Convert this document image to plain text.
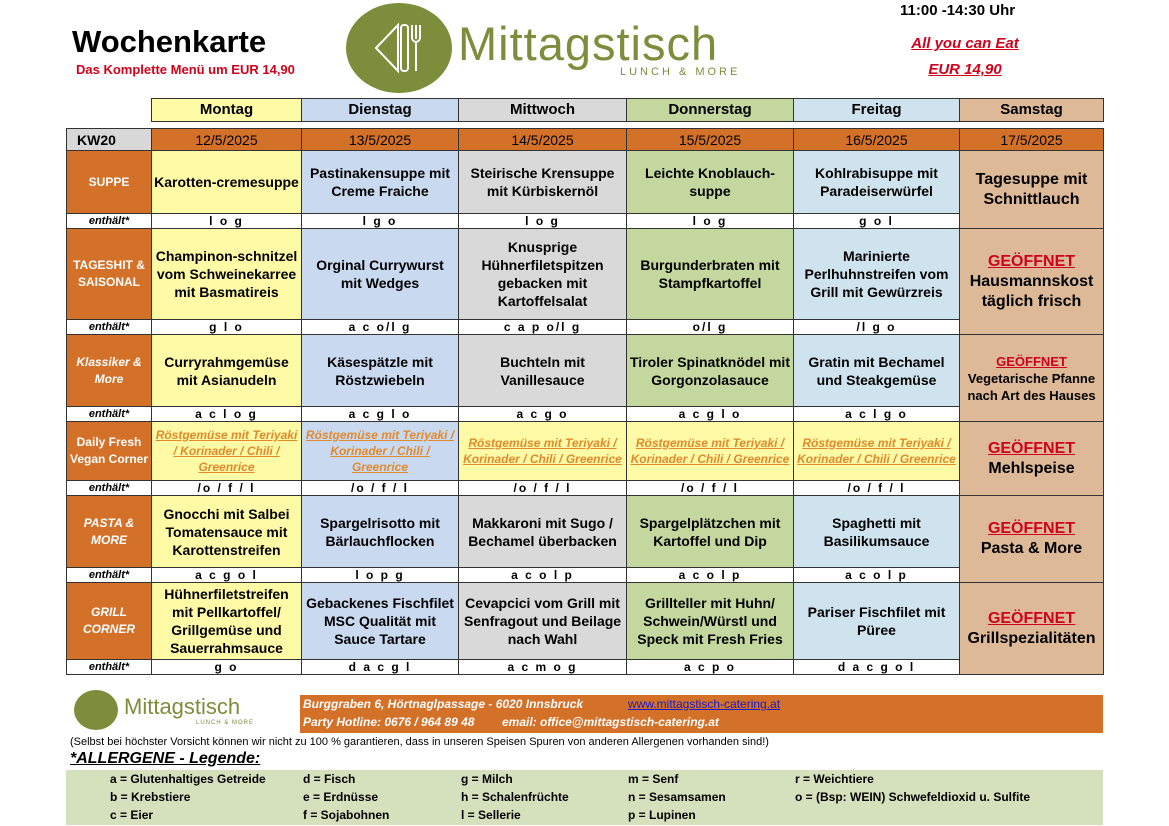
Wochenkarte
Das Komplette Menü um EUR 14,90
11:00 -14:30 Uhr
All you can Eat
EUR 14,90
Mittagstisch
LUNCH & MORE
	Montag	Dienstag	Mittwoch	Donnerstag	Freitag	Samstag

KW20	12/5/2025	13/5/2025	14/5/2025	15/5/2025	16/5/2025	17/5/2025
SUPPE	Karotten-cremesuppe	Pastinakensuppe mit Creme Fraiche	Steirische Krensuppe mit Kürbiskernöl	Leichte Knoblauch-suppe	Kohlrabisuppe mit Paradeiserwürfel	Tagesuppe mit Schnittlauch
enthält*	l o g	l g o	l o g	l o g	g o l	
TAGESHIT & SAISONAL	Champinon-schnitzel vom Schweinekarree mit Basmatireis	Orginal Currywurst mit Wedges	Knusprige Hühnerfiletspitzen gebacken mit Kartoffelsalat	Burgunderbraten mit Stampfkartoffel	Marinierte Perlhuhnstreifen vom Grill mit Gewürzreis	GEÖFFNET
Hausmannskost täglich frisch
enthält*	g l o	a c o/l g	c a p o/l g	o/l g	/l g o	
Klassiker & More	Curryrahmgemüse mit Asianudeln	Käsespätzle mit Röstzwiebeln	Buchteln mit Vanillesauce	Tiroler Spinatknödel mit Gorgonzolasauce	Gratin mit Bechamel und Steakgemüse	GEÖFFNET
Vegetarische Pfanne nach Art des Hauses

enthält*	a c l o g	a c g l o	a c g o	a c g l o	a c l g o	
Daily Fresh Vegan Corner	Röstgemüse mit Teriyaki / Korinader / Chili / Greenrice	Röstgemüse mit Teriyaki / Korinader / Chili / Greenrice	Röstgemüse mit Teriyaki / Korinader / Chili / Greenrice	Röstgemüse mit Teriyaki / Korinader / Chili / Greenrice	Röstgemüse mit Teriyaki / Korinader / Chili / Greenrice	GEÖFFNET
Mehlspeise
enthält*	/o / f / l	/o / f / l	/o / f / l	/o / f / l	/o / f / l	
PASTA & MORE	Gnocchi mit Salbei Tomatensauce mit Karottenstreifen	Spargelrisotto mit Bärlauchflocken	Makkaroni mit Sugo / Bechamel überbacken	Spargelplätzchen mit Kartoffel und Dip	Spaghetti mit Basilikumsauce	GEÖFFNET
Pasta & More
enthält*	a c g o l	l o p g	a c o l p	a c o l p	a c o l p	
GRILL CORNER	Hühnerfiletstreifen mit Pellkartoffel/ Grillgemüse und Sauerrahmsauce	Gebackenes Fischfilet MSC Qualität mit Sauce Tartare	Cevapcici vom Grill mit Senfragout und Beilage nach Wahl	Grillteller mit Huhn/ Schwein/Würstl und Speck mit Fresh Fries	Pariser Fischfilet mit Püree	GEÖFFNET
Grillspezialitäten
enthält*	g o	d a c g l	a c m o g	a c p o	d a c g o l	
Mittagstisch
LUNCH & MORE
Burggraben 6, Hörtnaglpassage - 6020 Innsbruck	www.mittagstisch-catering.at
Party Hotline: 0676 / 964 89 48 email: office@mittagstisch-catering.at
(Selbst bei höchster Vorsicht können wir nicht zu 100 % garantieren, dass in unseren Speisen Spuren von anderen Allergenen vorhanden sind!)
*ALLERGENE - Legende:
a = Glutenhaltiges Getreide	d = Fisch	g = Milch	m = Senf	r = Weichtiere
b = Krebstiere	e = Erdnüsse	h = Schalenfrüchte	n = Sesamsamen	o = (Bsp: WEIN) Schwefeldioxid u. Sulfite
c = Eier	f = Sojabohnen	l = Sellerie	p = Lupinen
